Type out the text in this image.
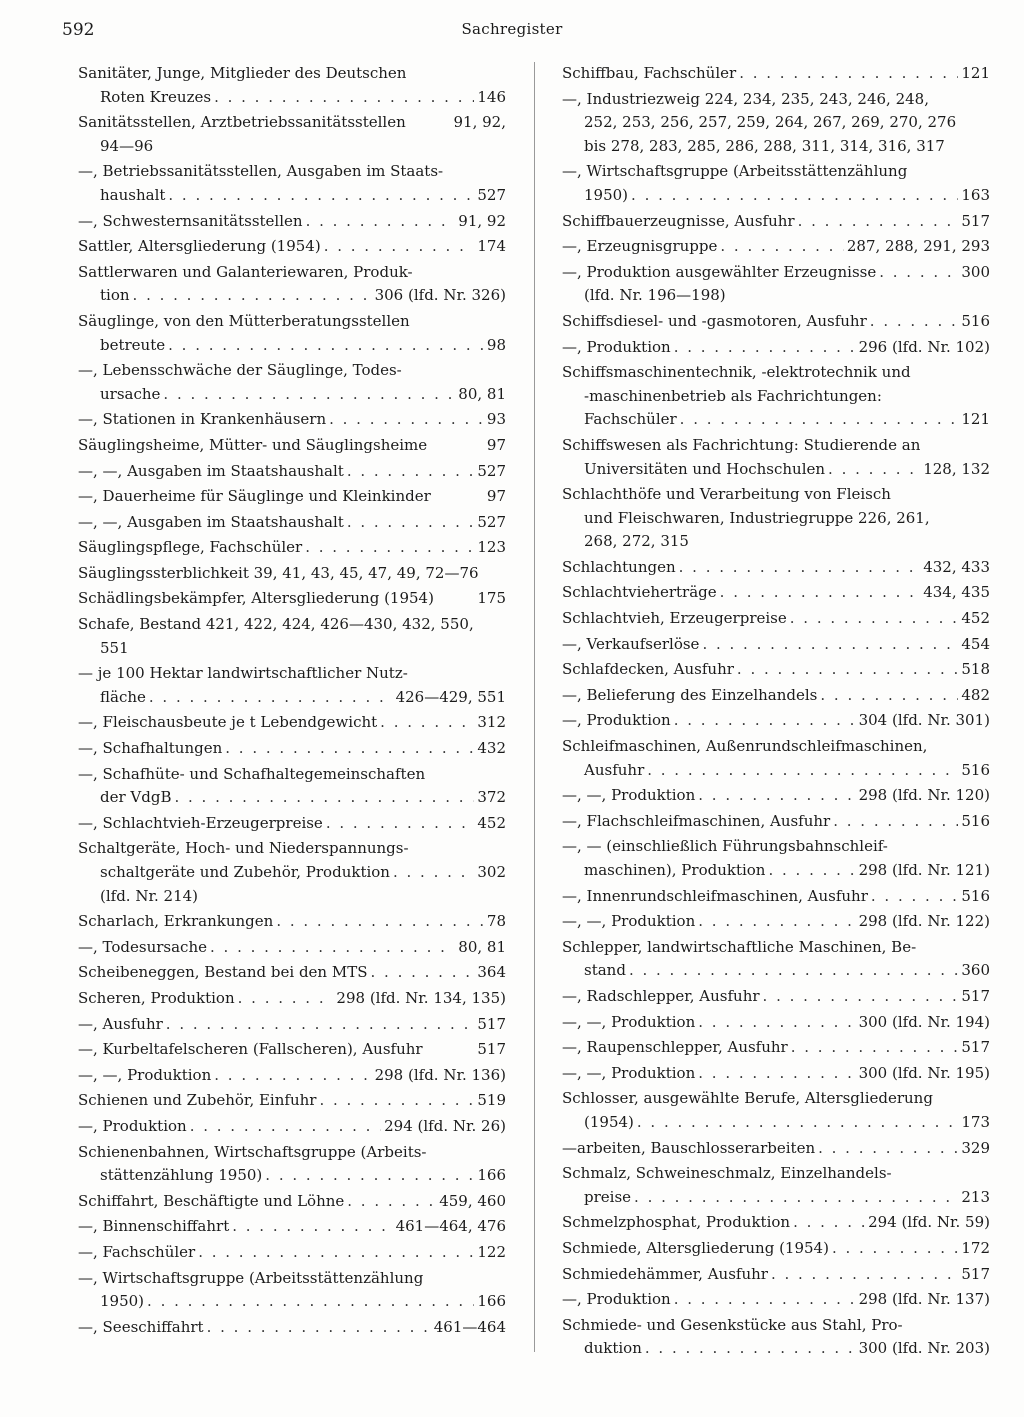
592	Sachregister
Sanitäter, Junge, Mitglieder des Deutschen
Roten Kreuzes . . .	146
Sanitätsstellen, Arztbetriebssanitätsstellen	91, 92,
94—96
—, Betriebssanitätsstellen, Ausgaben im Staats-
haushalt . . .	527
—, Schwesternsanitätsstellen . . .	91, 92
Sattler, Altersgliederung (1954) . . .	174
Sattlerwaren und Galanteriewaren, Produk-
tion . . .	306 (lfd. Nr. 326)
Säuglinge, von den Mütterberatungsstellen
betreute . . .	98
—, Lebensschwäche der Säuglinge, Todes-
ursache . . .	80, 81
—, Stationen in Krankenhäusern . . .	93
Säuglingsheime, Mütter- und Säuglingsheime	97
—, —, Ausgaben im Staatshaushalt . . .	527
—, Dauerheime für Säuglinge und Kleinkinder	97
—, —, Ausgaben im Staatshaushalt . . .	527
Säuglingspflege, Fachschüler . . .	123
Säuglingssterblichkeit 39, 41, 43, 45, 47, 49, 72—76
Schädlingsbekämpfer, Altersgliederung (1954)	175
Schafe, Bestand 421, 422, 424, 426—430, 432, 550,
551
— je 100 Hektar landwirtschaftlicher Nutz-
fläche . . .	426—429, 551
—, Fleischausbeute je t Lebendgewicht . . .	312
—, Schafhaltungen . . .	432
—, Schafhüte- und Schafhaltegemeinschaften
der VdgB . . .	372
—, Schlachtvieh-Erzeugerpreise . . .	452
Schaltgeräte, Hoch- und Niederspannungs-
schaltgeräte und Zubehör, Produktion . . .	302
(lfd. Nr. 214)
Scharlach, Erkrankungen . . .	78
—, Todesursache . . .	80, 81
Scheibeneggen, Bestand bei den MTS . . .	364
Scheren, Produktion . . .	298 (lfd. Nr. 134, 135)
—, Ausfuhr . . .	517
—, Kurbeltafelscheren (Fallscheren), Ausfuhr	517
—, —, Produktion . . .	298 (lfd. Nr. 136)
Schienen und Zubehör, Einfuhr . . .	519
—, Produktion . . .	294 (lfd. Nr. 26)
Schienenbahnen, Wirtschaftsgruppe (Arbeits-
stättenzählung 1950) . . .	166
Schiffahrt, Beschäftigte und Löhne . . .	459, 460
—, Binnenschiffahrt . . .	461—464, 476
—, Fachschüler . . .	122
—, Wirtschaftsgruppe (Arbeitsstättenzählung
1950) . . .	166
—, Seeschiffahrt . . .	461—464
Schiffbau, Fachschüler . . .	121
—, Industriezweig 224, 234, 235, 243, 246, 248,
252, 253, 256, 257, 259, 264, 267, 269, 270, 276
bis 278, 283, 285, 286, 288, 311, 314, 316, 317
—, Wirtschaftsgruppe (Arbeitsstättenzählung
1950) . . .	163
Schiffbauerzeugnisse, Ausfuhr . . .	517
—, Erzeugnisgruppe . . .	287, 288, 291, 293
—, Produktion ausgewählter Erzeugnisse . . .	300
(lfd. Nr. 196—198)
Schiffsdiesel- und -gasmotoren, Ausfuhr . . .	516
—, Produktion . . .	296 (lfd. Nr. 102)
Schiffsmaschinentechnik, -elektrotechnik und
-maschinenbetrieb als Fachrichtungen:
Fachschüler . . .	121
Schiffswesen als Fachrichtung: Studierende an
Universitäten und Hochschulen . . .	128, 132
Schlachthöfe und Verarbeitung von Fleisch
und Fleischwaren, Industriegruppe 226, 261,
268, 272, 315
Schlachtungen . . .	432, 433
Schlachtvieherträge . . .	434, 435
Schlachtvieh, Erzeugerpreise . . .	452
—, Verkaufserlöse . . .	454
Schlafdecken, Ausfuhr . . .	518
—, Belieferung des Einzelhandels . . .	482
—, Produktion . . .	304 (lfd. Nr. 301)
Schleifmaschinen, Außenrundschleifmaschinen,
Ausfuhr . . .	516
—, —, Produktion . . .	298 (lfd. Nr. 120)
—, Flachschleifmaschinen, Ausfuhr . . .	516
—, — (einschließlich Führungsbahnschleif-
maschinen), Produktion . . .	298 (lfd. Nr. 121)
—, Innenrundschleifmaschinen, Ausfuhr . . .	516
—, —, Produktion . . .	298 (lfd. Nr. 122)
Schlepper, landwirtschaftliche Maschinen, Be-
stand . . .	360
—, Radschlepper, Ausfuhr . . .	517
—, —, Produktion . . .	300 (lfd. Nr. 194)
—, Raupenschlepper, Ausfuhr . . .	517
—, —, Produktion . . .	300 (lfd. Nr. 195)
Schlosser, ausgewählte Berufe, Altersgliederung
(1954) . . .	173
—arbeiten, Bauschlosserarbeiten . . .	329
Schmalz, Schweineschmalz, Einzelhandels-
preise . . .	213
Schmelzphosphat, Produktion . . .	294 (lfd. Nr. 59)
Schmiede, Altersgliederung (1954) . . .	172
Schmiedehämmer, Ausfuhr . . .	517
—, Produktion . . .	298 (lfd. Nr. 137)
Schmiede- und Gesenkstücke aus Stahl, Pro-
duktion . . .	300 (lfd. Nr. 203)
